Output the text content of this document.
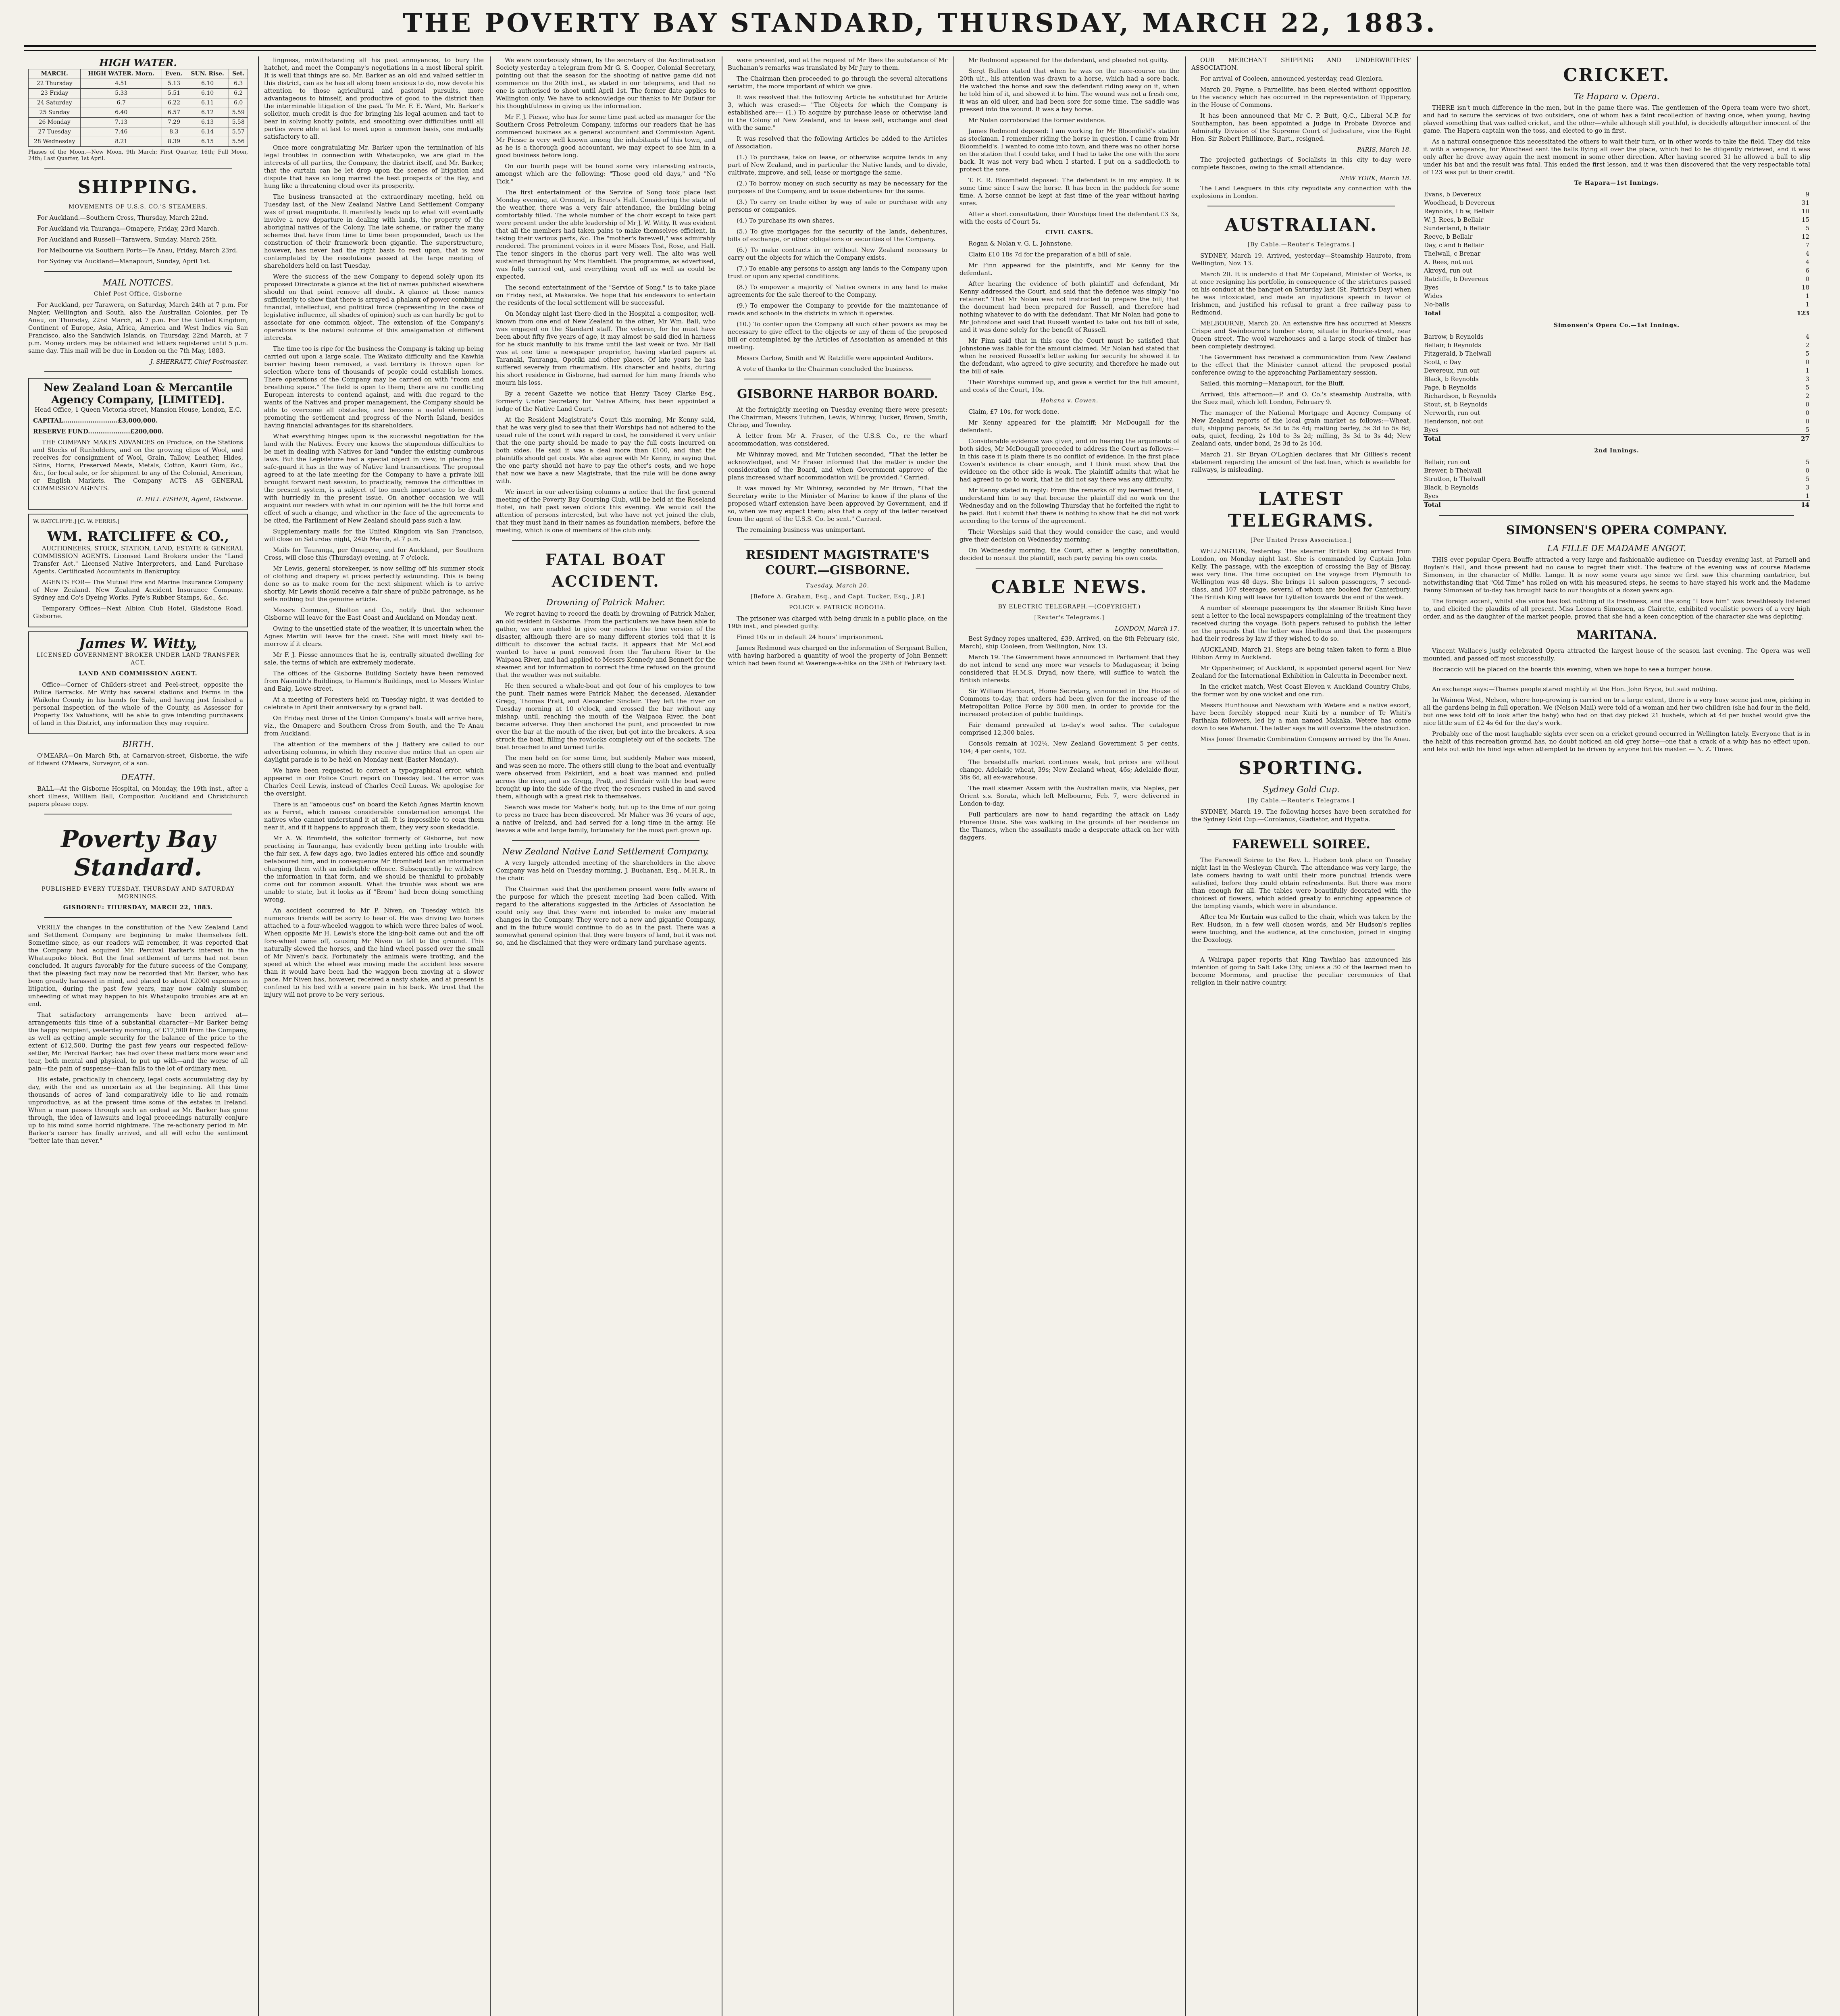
THE POVERTY BAY STANDARD, THURSDAY, MARCH 22, 1883.
HIGH WATER.
MARCH.	HIGH WATER. Morn.	Even.	SUN. Rise.	Set.
22 Thursday	4.51	5.13	6.10	6.3
23 Friday	5.33	5.51	6.10	6.2
24 Saturday	6.7	6.22	6.11	6.0
25 Sunday	6.40	6.57	6.12	5.59
26 Monday	7.13	7.29	6.13	5.58
27 Tuesday	7.46	8.3	6.14	5.57
28 Wednesday	8.21	8.39	6.15	5.56

Phases of the Moon.—New Moon, 9th March; First Quarter, 16th; Full Moon, 24th; Last Quarter, 1st April.

SHIPPING.
MOVEMENTS OF U.S.S. CO.'S STEAMERS.

For Auckland.—Southern Cross, Thursday, March 22nd.

For Auckland via Tauranga—Omapere, Friday, 23rd March.

For Auckland and Russell—Tarawera, Sunday, March 25th.

For Melbourne via Southern Ports—Te Anau, Friday, March 23rd.

For Sydney via Auckland—Manapouri, Sunday, April 1st.

MAIL NOTICES.
Chief Post Office, Gisborne

For Auckland, per Tarawera, on Saturday, March 24th at 7 p.m. For Napier, Wellington and South, also the Australian Colonies, per Te Anau, on Thursday, 22nd March, at 7 p.m. For the United Kingdom, Continent of Europe, Asia, Africa, America and West Indies via San Francisco, also the Sandwich Islands, on Thursday, 22nd March, at 7 p.m. Money orders may be obtained and letters registered until 5 p.m. same day. This mail will be due in London on the 7th May, 1883.

J. SHERRATT, Chief Postmaster.
New Zealand Loan & Mercantile Agency Company, [LIMITED].

Head Office, 1 Queen Victoria-street, Mansion House, London, E.C.

CAPITAL..........................£3,000,000.

RESERVE FUND....................£200,000.

THE COMPANY MAKES ADVANCES on Produce, on the Stations and Stocks of Runholders, and on the growing clips of Wool, and receives for consignment of Wool, Grain, Tallow, Leather, Hides, Skins, Horns, Preserved Meats, Metals, Cotton, Kauri Gum, &c., &c., for local sale, or for shipment to any of the Colonial, American, or English Markets. The Company ACTS AS GENERAL COMMISSION AGENTS.

R. HILL FISHER, Agent, Gisborne.

W. RATCLIFFE.] [C. W. FERRIS.]

WM. RATCLIFFE & CO.,

AUCTIONEERS, STOCK, STATION, LAND, ESTATE & GENERAL COMMISSION AGENTS. Licensed Land Brokers under the "Land Transfer Act." Licensed Native Interpreters, and Land Purchase Agents. Certificated Accountants in Bankruptcy.

AGENTS FOR— The Mutual Fire and Marine Insurance Company of New Zealand. New Zealand Accident Insurance Company. Sydney and Co's Dyeing Works. Fyfe's Rubber Stamps, &c., &c.

Temporary Offices—Next Albion Club Hotel, Gladstone Road, Gisborne.

James W. Witty,
LICENSED GOVERNMENT BROKER UNDER LAND TRANSFER ACT.
LAND AND COMMISSION AGENT.

Office—Corner of Childers-street and Peel-street, opposite the Police Barracks. Mr Witty has several stations and Farms in the Waikohu County in his hands for Sale, and having just finished a personal inspection of the whole of the County, as Assessor for Property Tax Valuations, will be able to give intending purchasers of land in this District, any information they may require.

BIRTH.

O'MEARA—On March 8th, at Carnarvon-street, Gisborne, the wife of Edward O'Meara, Surveyor, of a son.

DEATH.

BALL—At the Gisborne Hospital, on Monday, the 19th inst., after a short illness, William Ball, Compositor. Auckland and Christchurch papers please copy.

Poverty Bay Standard.
PUBLISHED EVERY TUESDAY, THURSDAY AND SATURDAY MORNINGS.
GISBORNE: THURSDAY, MARCH 22, 1883.

VERILY the changes in the constitution of the New Zealand Land and Settlement Company are beginning to make themselves felt. Sometime since, as our readers will remember, it was reported that the Company had acquired Mr. Percival Barker's interest in the Whataupoko block. But the final settlement of terms had not been concluded. It augurs favorably for the future success of the Company, that the pleasing fact may now be recorded that Mr. Barker, who has been greatly harassed in mind, and placed to about £2000 expenses in litigation, during the past few years, may now calmly slumber, unheeding of what may happen to his Whataupoko troubles are at an end.

That satisfactory arrangements have been arrived at—arrangements this time of a substantial character—Mr Barker being the happy recipient, yesterday morning, of £17,500 from the Company, as well as getting ample security for the balance of the price to the extent of £12,500. During the past few years our respected fellow-settler, Mr. Percival Barker, has had over these matters more wear and tear, both mental and physical, to put up with—and the worse of all pain—the pain of suspense—than falls to the lot of ordinary men.

His estate, practically in chancery, legal costs accumulating day by day, with the end as uncertain as at the beginning. All this time thousands of acres of land comparatively idle to lie and remain unproductive, as at the present time some of the estates in Ireland. When a man passes through such an ordeal as Mr. Barker has gone through, the idea of lawsuits and legal proceedings naturally conjure up to his mind some horrid nightmare. The re-actionary period in Mr. Barker's career has finally arrived, and all will echo the sentiment "better late than never."

lingness, notwithstanding all his past annoyances, to bury the hatchet, and meet the Company's negotiations in a most liberal spirit. It is well that things are so. Mr. Barker as an old and valued settler in this district, can as he has all along been anxious to do, now devote his attention to those agricultural and pastoral pursuits, more advantageous to himself, and productive of good to the district than the interminable litigation of the past. To Mr. F. E. Ward, Mr. Barker's solicitor, much credit is due for bringing his legal acumen and tact to bear in solving knotty points, and smoothing over difficulties until all parties were able at last to meet upon a common basis, one mutually satisfactory to all.

Once more congratulating Mr. Barker upon the termination of his legal troubles in connection with Whataupoko, we are glad in the interests of all parties, the Company, the district itself, and Mr. Barker, that the curtain can be let drop upon the scenes of litigation and dispute that have so long marred the best prospects of the Bay, and hung like a threatening cloud over its prosperity.

The business transacted at the extraordinary meeting, held on Tuesday last, of the New Zealand Native Land Settlement Company was of great magnitude. It manifestly leads up to what will eventually involve a new departure in dealing with lands, the property of the aboriginal natives of the Colony. The late scheme, or rather the many schemes that have from time to time been propounded, teach us the construction of their framework been gigantic. The superstructure, however, has never had the right basis to rest upon, that is now contemplated by the resolutions passed at the large meeting of shareholders held on last Tuesday.

Were the success of the new Company to depend solely upon its proposed Directorate a glance at the list of names published elsewhere should on that point remove all doubt. A glance at those names sufficiently to show that there is arrayed a phalanx of power combining financial, intellectual, and political force (representing in the case of legislative influence, all shades of opinion) such as can hardly be got to associate for one common object. The extension of the Company's operations is the natural outcome of this amalgamation of different interests.

The time too is ripe for the business the Company is taking up being carried out upon a large scale. The Waikato difficulty and the Kawhia barrier having been removed, a vast territory is thrown open for selection where tens of thousands of people could establish homes. There operations of the Company may be carried on with "room and breathing space." The field is open to them; there are no conflicting European interests to contend against, and with due regard to the wants of the Natives and proper management, the Company should be able to overcome all obstacles, and become a useful element in promoting the settlement and progress of the North Island, besides having financial advantages for its shareholders.

What everything hinges upon is the successful negotiation for the land with the Natives. Every one knows the stupendous difficulties to be met in dealing with Natives for land "under the existing cumbrous laws. But the Legislature had a special object in view, in placing the safe-guard it has in the way of Native land transactions. The proposal agreed to at the late meeting for the Company to have a private bill brought forward next session, to practically, remove the difficulties in the present system, is a subject of too much importance to be dealt with hurriedly in the present issue. On another occasion we will acquaint our readers with what in our opinion will be the full force and effect of such a change, and whether in the face of the agreements to be cited, the Parliament of New Zealand should pass such a law.

Supplementary mails for the United Kingdom via San Francisco, will close on Saturday night, 24th March, at 7 p.m.

Mails for Tauranga, per Omapere, and for Auckland, per Southern Cross, will close this (Thursday) evening, at 7 o'clock.

Mr Lewis, general storekeeper, is now selling off his summer stock of clothing and drapery at prices perfectly astounding. This is being done so as to make room for the next shipment which is to arrive shortly. Mr Lewis should receive a fair share of public patronage, as he sells nothing but the genuine article.

Messrs Common, Shelton and Co., notify that the schooner Gisborne will leave for the East Coast and Auckland on Monday next.

Owing to the unsettled state of the weather, it is uncertain when the Agnes Martin will leave for the coast. She will most likely sail to-morrow if it clears.

Mr F. J. Piesse announces that he is, centrally situated dwelling for sale, the terms of which are extremely moderate.

The offices of the Gisborne Building Society have been removed from Nasmith's Buildings, to Hamon's Buildings, next to Messrs Winter and Eaig, Lowe-street.

At a meeting of Foresters held on Tuesday night, it was decided to celebrate in April their anniversary by a grand ball.

On Friday next three of the Union Company's boats will arrive here, viz., the Omapere and Southern Cross from South, and the Te Anau from Auckland.

The attention of the members of the J Battery are called to our advertising columns, in which they receive due notice that an open air daylight parade is to be held on Monday next (Easter Monday).

We have been requested to correct a typographical error, which appeared in our Police Court report on Tuesday last. The error was Charles Cecil Lewis, instead of Charles Cecil Lucas. We apologise for the oversight.

There is an "amoeous cus" on board the Ketch Agnes Martin known as a Ferret, which causes considerable consternation amongst the natives who cannot understand it at all. It is impossible to coax them near it, and if it happens to approach them, they very soon skedaddle.

Mr A. W. Bromfield, the solicitor formerly of Gisborne, but now practising in Tauranga, has evidently been getting into trouble with the fair sex. A few days ago, two ladies entered his office and soundly belaboured him, and in consequence Mr Bromfield laid an information charging them with an indictable offence. Subsequently he withdrew the information in that form, and we should be thankful to probably come out for common assault. What the trouble was about we are unable to state, but it looks as if "Brom" had been doing something wrong.

An accident occurred to Mr P. Niven, on Tuesday which his numerous friends will be sorry to hear of. He was driving two horses attached to a four-wheeled waggon to which were three bales of wool. When opposite Mr H. Lewis's store the king-bolt came out and the off fore-wheel came off, causing Mr Niven to fall to the ground. This naturally slewed the horses, and the hind wheel passed over the small of Mr Niven's back. Fortunately the animals were trotting, and the speed at which the wheel was moving made the accident less severe than it would have been had the waggon been moving at a slower pace. Mr Niven has, however, received a nasty shake, and at present is confined to his bed with a severe pain in his back. We trust that the injury will not prove to be very serious.

We were courteously shown, by the secretary of the Acclimatisation Society yesterday a telegram from Mr G. S. Cooper, Colonial Secretary, pointing out that the season for the shooting of native game did not commence on the 20th inst., as stated in our telegrams, and that no one is authorised to shoot until April 1st. The former date applies to Wellington only. We have to acknowledge our thanks to Mr Dufaur for his thoughtfulness in giving us the information.

Mr F. J. Piesse, who has for some time past acted as manager for the Southern Cross Petroleum Company, informs our readers that he has commenced business as a general accountant and Commission Agent. Mr Piesse is very well known among the inhabitants of this town, and as he is a thorough good accountant, we may expect to see him in a good business before long.

On our fourth page will be found some very interesting extracts, amongst which are the following: "Those good old days," and "No Tick."

The first entertainment of the Service of Song took place last Monday evening, at Ormond, in Bruce's Hall. Considering the state of the weather, there was a very fair attendance, the building being comfortably filled. The whole number of the choir except to take part were present under the able leadership of Mr J. W. Witty. It was evident that all the members had taken pains to make themselves efficient, in taking their various parts, &c. The "mother's farewell," was admirably rendered. The prominent voices in it were Misses Test, Rose, and Hall. The tenor singers in the chorus part very well. The alto was well sustained throughout by Mrs Hamblett. The programme, as advertised, was fully carried out, and everything went off as well as could be expected.

The second entertainment of the "Service of Song," is to take place on Friday next, at Makaraka. We hope that his endeavors to entertain the residents of the local settlement will be successful.

On Monday night last there died in the Hospital a compositor, well-known from one end of New Zealand to the other, Mr Wm. Ball, who was engaged on the Standard staff. The veteran, for he must have been about fifty five years of age, it may almost be said died in harness for he stuck manfully to his frame until the last week or two. Mr Ball was at one time a newspaper proprietor, having started papers at Taranaki, Tauranga, Opotiki and other places. Of late years he has suffered severely from rheumatism. His character and habits, during his short residence in Gisborne, had earned for him many friends who mourn his loss.

By a recent Gazette we notice that Henry Tacey Clarke Esq., formerly Under Secretary for Native Affairs, has been appointed a judge of the Native Land Court.

At the Resident Magistrate's Court this morning, Mr Kenny said, that he was very glad to see that their Worships had not adhered to the usual rule of the court with regard to cost, he considered it very unfair that the one party should be made to pay the full costs incurred on both sides. He said it was a deal more than £100, and that the plaintiffs should get costs. We also agree with Mr Kenny, in saying that the one party should not have to pay the other's costs, and we hope that now we have a new Magistrate, that the rule will be done away with.

We insert in our advertising columns a notice that the first general meeting of the Poverty Bay Coursing Club, will be held at the Roseland Hotel, on half past seven o'clock this evening. We would call the attention of persons interested, but who have not yet joined the club, that they must hand in their names as foundation members, before the meeting, which is one of members of the club only.

FATAL BOAT ACCIDENT.
Drowning of Patrick Maher.

We regret having to record the death by drowning of Patrick Maher, an old resident in Gisborne. From the particulars we have been able to gather, we are enabled to give our readers the true version of the disaster, although there are so many different stories told that it is difficult to discover the actual facts. It appears that Mr McLeod wanted to have a punt removed from the Taruheru River to the Waipaoa River, and had applied to Messrs Kennedy and Bennett for the steamer, and for information to correct the time refused on the ground that the weather was not suitable.

He then secured a whale-boat and got four of his employes to tow the punt. Their names were Patrick Maher, the deceased, Alexander Gregg, Thomas Pratt, and Alexander Sinclair. They left the river on Tuesday morning at 10 o'clock, and crossed the bar without any mishap, until, reaching the mouth of the Waipaoa River, the boat became adverse. They then anchored the punt, and proceeded to row over the bar at the mouth of the river, but got into the breakers. A sea struck the boat, filling the rowlocks completely out of the sockets. The boat broached to and turned turtle.

The men held on for some time, but suddenly Maher was missed, and was seen no more. The others still clung to the boat and eventually were observed from Pakirikiri, and a boat was manned and pulled across the river, and as Gregg, Pratt, and Sinclair with the boat were brought up into the side of the river, the rescuers rushed in and saved them, although with a great risk to themselves.

Search was made for Maher's body, but up to the time of our going to press no trace has been discovered. Mr Maher was 36 years of age, a native of Ireland, and had served for a long time in the army. He leaves a wife and large family, fortunately for the most part grown up.

New Zealand Native Land Settlement Company.

A very largely attended meeting of the shareholders in the above Company was held on Tuesday morning, J. Buchanan, Esq., M.H.R., in the chair.

The Chairman said that the gentlemen present were fully aware of the purpose for which the present meeting had been called. With regard to the alterations suggested in the Articles of Association he could only say that they were not intended to make any material changes in the Company. They were not a new and gigantic Company, and in the future would continue to do as in the past. There was a somewhat general opinion that they were buyers of land, but it was not so, and he disclaimed that they were ordinary land purchase agents.

were presented, and at the request of Mr Rees the substance of Mr Buchanan's remarks was translated by Mr Jury to them.

The Chairman then proceeded to go through the several alterations seriatim, the more important of which we give.

It was resolved that the following Article be substituted for Article 3, which was erased:— "The Objects for which the Company is established are:— (1.) To acquire by purchase lease or otherwise land in the Colony of New Zealand, and to lease sell, exchange and deal with the same."

It was resolved that the following Articles be added to the Articles of Association.

(1.) To purchase, take on lease, or otherwise acquire lands in any part of New Zealand, and in particular the Native lands, and to divide, cultivate, improve, and sell, lease or mortgage the same.

(2.) To borrow money on such security as may be necessary for the purposes of the Company, and to issue debentures for the same.

(3.) To carry on trade either by way of sale or purchase with any persons or companies.

(4.) To purchase its own shares.

(5.) To give mortgages for the security of the lands, debentures, bills of exchange, or other obligations or securities of the Company.

(6.) To make contracts in or without New Zealand necessary to carry out the objects for which the Company exists.

(7.) To enable any persons to assign any lands to the Company upon trust or upon any special conditions.

(8.) To empower a majority of Native owners in any land to make agreements for the sale thereof to the Company.

(9.) To empower the Company to provide for the maintenance of roads and schools in the districts in which it operates.

(10.) To confer upon the Company all such other powers as may be necessary to give effect to the objects or any of them of the proposed bill or contemplated by the Articles of Association as amended at this meeting.

Messrs Carlow, Smith and W. Ratcliffe were appointed Auditors.

A vote of thanks to the Chairman concluded the business.

GISBORNE HARBOR BOARD.

At the fortnightly meeting on Tuesday evening there were present: The Chairman, Messrs Tutchen, Lewis, Whinray, Tucker, Brown, Smith, Chrisp, and Townley.

A letter from Mr A. Fraser, of the U.S.S. Co., re the wharf accommodation, was considered.

Mr Whinray moved, and Mr Tutchen seconded, "That the letter be acknowledged, and Mr Fraser informed that the matter is under the consideration of the Board, and when Government approve of the plans increased wharf accommodation will be provided." Carried.

It was moved by Mr Whinray, seconded by Mr Brown, "That the Secretary write to the Minister of Marine to know if the plans of the proposed wharf extension have been approved by Government, and if so, when we may expect them; also that a copy of the letter received from the agent of the U.S.S. Co. be sent." Carried.

The remaining business was unimportant.

RESIDENT MAGISTRATE'S COURT.—GISBORNE.
Tuesday, March 20.
[Before A. Graham, Esq., and Capt. Tucker, Esq., J.P.]
POLICE v. PATRICK RODOHA.

The prisoner was charged with being drunk in a public place, on the 19th inst., and pleaded guilty.

Fined 10s or in default 24 hours' imprisonment.

James Redmond was charged on the information of Sergeant Bullen, with having harbored a quantity of wool the property of John Bennett which had been found at Waerenga-a-hika on the 29th of February last.

Mr Redmond appeared for the defendant, and pleaded not guilty.

Sergt Bullen stated that when he was on the race-course on the 20th ult., his attention was drawn to a horse, which had a sore back. He watched the horse and saw the defendant riding away on it, when he told him of it, and showed it to him. The wound was not a fresh one, it was an old ulcer, and had been sore for some time. The saddle was pressed into the wound. It was a bay horse.

Mr Nolan corroborated the former evidence.

James Redmond deposed: I am working for Mr Bloomfield's station as stockman. I remember riding the horse in question. I came from Mr Bloomfield's. I wanted to come into town, and there was no other horse on the station that I could take, and I had to take the one with the sore back. It was not very bad when I started. I put on a saddlecloth to protect the sore.

T. E. R. Bloomfield deposed: The defendant is in my employ. It is some time since I saw the horse. It has been in the paddock for some time. A horse cannot be kept at fast time of the year without having sores.

After a short consultation, their Worships fined the defendant £3 3s, with the costs of Court 5s.

CIVIL CASES.

Rogan & Nolan v. G. L. Johnstone.

Claim £10 18s 7d for the preparation of a bill of sale.

Mr Finn appeared for the plaintiffs, and Mr Kenny for the defendant.

After hearing the evidence of both plaintiff and defendant, Mr Kenny addressed the Court, and said that the defence was simply "no retainer." That Mr Nolan was not instructed to prepare the bill; that the document had been prepared for Russell, and therefore had nothing whatever to do with the defendant. That Mr Nolan had gone to Mr Johnstone and said that Russell wanted to take out his bill of sale, and it was done solely for the benefit of Russell.

Mr Finn said that in this case the Court must be satisfied that Johnstone was liable for the amount claimed. Mr Nolan had stated that when he received Russell's letter asking for security he showed it to the defendant, who agreed to give security, and therefore he made out the bill of sale.

Their Worships summed up, and gave a verdict for the full amount, and costs of the Court, 10s.

Hohana v. Cowen.

Claim, £7 10s, for work done.

Mr Kenny appeared for the plaintiff; Mr McDougall for the defendant.

Considerable evidence was given, and on hearing the arguments of both sides, Mr McDougall proceeded to address the Court as follows:—In this case it is plain there is no conflict of evidence. In the first place Cowen's evidence is clear enough, and I think must show that the evidence on the other side is weak. The plaintiff admits that what he had agreed to go to work, that he did not say there was any difficulty.

Mr Kenny stated in reply: From the remarks of my learned friend, I understand him to say that because the plaintiff did no work on the Wednesday and on the following Thursday that he forfeited the right to be paid. But I submit that there is nothing to show that he did not work according to the terms of the agreement.

Their Worships said that they would consider the case, and would give their decision on Wednesday morning.

On Wednesday morning, the Court, after a lengthy consultation, decided to nonsuit the plaintiff, each party paying his own costs.

CABLE NEWS.
BY ELECTRIC TELEGRAPH.—(COPYRIGHT.)
[Reuter's Telegrams.]
LONDON, March 17.

Best Sydney ropes unaltered, £39. Arrived, on the 8th February (sic, March), ship Cooleen, from Wellington, Nov. 13.

March 19. The Government have announced in Parliament that they do not intend to send any more war vessels to Madagascar, it being considered that H.M.S. Dryad, now there, will suffice to watch the British interests.

Sir William Harcourt, Home Secretary, announced in the House of Commons to-day, that orders had been given for the increase of the Metropolitan Police Force by 500 men, in order to provide for the increased protection of public buildings.

Fair demand prevailed at to-day's wool sales. The catalogue comprised 12,300 bales.

Consols remain at 102¼. New Zealand Government 5 per cents, 104; 4 per cents, 102.

The breadstuffs market continues weak, but prices are without change. Adelaide wheat, 39s; New Zealand wheat, 46s; Adelaide flour, 38s 6d, all ex-warehouse.

The mail steamer Assam with the Australian mails, via Naples, per Orient s.s. Sorata, which left Melbourne, Feb. 7, were delivered in London to-day.

Full particulars are now to hand regarding the attack on Lady Florence Dixie. She was walking in the grounds of her residence on the Thames, when the assailants made a desperate attack on her with daggers.

OUR MERCHANT SHIPPING AND UNDERWRITERS' ASSOCIATION.

For arrival of Cooleen, announced yesterday, read Glenlora.

March 20. Payne, a Parnellite, has been elected without opposition to the vacancy which has occurred in the representation of Tipperary, in the House of Commons.

It has been announced that Mr C. P. Butt, Q.C., Liberal M.P. for Southampton, has been appointed a Judge in Probate Divorce and Admiralty Division of the Supreme Court of Judicature, vice the Right Hon. Sir Robert Phillimore, Bart., resigned.

PARIS, March 18.

The projected gatherings of Socialists in this city to-day were complete fiascoes, owing to the small attendance.

NEW YORK, March 18.

The Land Leaguers in this city repudiate any connection with the explosions in London.

AUSTRALIAN.
[By Cable.—Reuter's Telegrams.]

SYDNEY, March 19. Arrived, yesterday—Steamship Hauroto, from Wellington, Nov. 13.

March 20. It is understo d that Mr Copeland, Minister of Works, is at once resigning his portfolio, in consequence of the strictures passed on his conduct at the banquet on Saturday last (St. Patrick's Day) when he was intoxicated, and made an injudicious speech in favor of Irishmen, and justified his refusal to grant a free railway pass to Redmond.

MELBOURNE, March 20. An extensive fire has occurred at Messrs Crispe and Swinbourne's lumber store, situate in Bourke-street, near Queen street. The wool warehouses and a large stock of timber has been completely destroyed.

The Government has received a communication from New Zealand to the effect that the Minister cannot attend the proposed postal conference owing to the approaching Parliamentary session.

Sailed, this morning—Manapouri, for the Bluff.

Arrived, this afternoon—P. and O. Co.'s steamship Australia, with the Suez mail, which left London, February 9.

The manager of the National Mortgage and Agency Company of New Zealand reports of the local grain market as follows:—Wheat, dull; shipping parcels, 5s 3d to 5s 4d; malting barley, 5s 3d to 5s 6d; oats, quiet, feeding, 2s 10d to 3s 2d; milling, 3s 3d to 3s 4d; New Zealand oats, under bond, 2s 3d to 2s 10d.

March 21. Sir Bryan O'Loghlen declares that Mr Gillies's recent statement regarding the amount of the last loan, which is available for railways, is misleading.

LATEST TELEGRAMS.
[Per United Press Association.]

WELLINGTON, Yesterday. The steamer British King arrived from London, on Monday night last. She is commanded by Captain John Kelly. The passage, with the exception of crossing the Bay of Biscay, was very fine. The time occupied on the voyage from Plymouth to Wellington was 48 days. She brings 11 saloon passengers, 7 second-class, and 107 steerage, several of whom are booked for Canterbury. The British King will leave for Lyttelton towards the end of the week.

A number of steerage passengers by the steamer British King have sent a letter to the local newspapers complaining of the treatment they received during the voyage. Both papers refused to publish the letter on the grounds that the letter was libellous and that the passengers had their redress by law if they wished to do so.

AUCKLAND, March 21. Steps are being taken taken to form a Blue Ribbon Army in Auckland.

Mr Oppenheimer, of Auckland, is appointed general agent for New Zealand for the International Exhibition in Calcutta in December next.

In the cricket match, West Coast Eleven v. Auckland Country Clubs, the former won by one wicket and one run.

Messrs Hunthouse and Newsham with Wetere and a native escort, have been forcibly stopped near Kuiti by a number of Te Whiti's Parihaka followers, led by a man named Makaka. Wetere has come down to see Wahanui. The latter says he will overcome the obstruction.

Miss Jones' Dramatic Combination Company arrived by the Te Anau.

SPORTING.
Sydney Gold Cup.
[By Cable.—Reuter's Telegrams.]

SYDNEY, March 19. The following horses have been scratched for the Sydney Gold Cup:—Corolanus, Gladiator, and Hypatia.

FAREWELL SOIREE.

The Farewell Soiree to the Rev. L. Hudson took place on Tuesday night last in the Wesleyan Church. The attendance was very large, the late comers having to wait until their more punctual friends were satisfied, before they could obtain refreshments. But there was more than enough for all. The tables were beautifully decorated with the choicest of flowers, which added greatly to enriching appearance of the tempting viands, which were in abundance.

After tea Mr Kurtain was called to the chair, which was taken by the Rev. Hudson, in a few well chosen words, and Mr Hudson's replies were touching, and the audience, at the conclusion, joined in singing the Doxology.

A Wairapa paper reports that King Tawhiao has announced his intention of going to Salt Lake City, unless a 30 of the learned men to become Mormons, and practise the peculiar ceremonies of that religion in their native country.

CRICKET.
Te Hapara v. Opera.

THERE isn't much difference in the men, but in the game there was. The gentlemen of the Opera team were two short, and had to secure the services of two outsiders, one of whom has a faint recollection of having once, when young, having played something that was called cricket, and the other—while although still youthful, is decidedly altogether innocent of the game. The Hapera captain won the toss, and elected to go in first.

As a natural consequence this necessitated the others to wait their turn, or in other words to take the field. They did take it with a vengeance, for Woodhead sent the balls flying all over the place, which had to be diligently retrieved, and it was only after he drove away again the next moment in some other direction. After having scored 31 he allowed a ball to slip under his bat and the result was fatal. This ended the first lesson, and it was then discovered that the very respectable total of 123 was put to their credit.

Te Hapara—1st Innings.
Evans, b Devereux	9
Woodhead, b Devereux	31
Reynolds, l b w, Bellair	10
W. J. Rees, b Bellair	15
Sunderland, b Bellair	5
Reeve, b Bellair	12
Day, c and b Bellair	7
Thelwall, c Brenar	4
A. Rees, not out	4
Akroyd, run out	6
Ratcliffe, b Devereux	0
Byes	18
Wides	1
No-balls	1
Total	123
Simonsen's Opera Co.—1st Innings.
Barrow, b Reynolds	4
Bellair, b Reynolds	2
Fitzgerald, b Thelwall	5
Scott, c Day	0
Devereux, run out	1
Black, b Reynolds	3
Page, b Reynolds	5
Richardson, b Reynolds	2
Stout, st, b Reynolds	0
Nerworth, run out	0
Henderson, not out	0
Byes	5
Total	27
2nd Innings.
Bellair, run out	5
Brewer, b Thelwall	0
Strutton, b Thelwall	5
Black, b Reynolds	3
Byes	1
Total	14
SIMONSEN'S OPERA COMPANY.
LA FILLE DE MADAME ANGOT.

THIS ever popular Opera Bouffe attracted a very large and fashionable audience on Tuesday evening last, at Parnell and Boylan's Hall, and those present had no cause to regret their visit. The feature of the evening was of course Madame Simonsen, in the character of Mdlle. Lange. It is now some years ago since we first saw this charming cantatrice, but notwithstanding that "Old Time" has rolled on with his measured steps, he seems to have stayed his work and the Madame Fanny Simonsen of to-day has brought back to our thoughts of a dozen years ago.

The foreign accent, whilst she voice has lost nothing of its freshness, and the song "I love him" was breathlessly listened to, and elicited the plaudits of all present. Miss Leonora Simonsen, as Clairette, exhibited vocalistic powers of a very high order, and as the daughter of the market people, proved that she had a keen conception of the character she was depicting.

MARITANA.

Vincent Wallace's justly celebrated Opera attracted the largest house of the season last evening. The Opera was well mounted, and passed off most successfully.

Boccaccio will be placed on the boards this evening, when we hope to see a bumper house.

An exchange says:—Thames people stared mightily at the Hon. John Bryce, but said nothing.

In Waimea West, Nelson, where hop-growing is carried on to a large extent, there is a very busy scene just now, picking in all the gardens being in full operation. We (Nelson Mail) were told of a woman and her two children (she had four in the field, but one was told off to look after the baby) who had on that day picked 21 bushels, which at 4d per bushel would give the nice little sum of £2 4s 6d for the day's work.

Probably one of the most laughable sights ever seen on a cricket ground occurred in Wellington lately. Everyone that is in the habit of this recreation ground has, no doubt noticed an old grey horse—one that a crack of a whip has no effect upon, and lets out with his hind legs when attempted to be driven by anyone but his master. — N. Z. Times.
